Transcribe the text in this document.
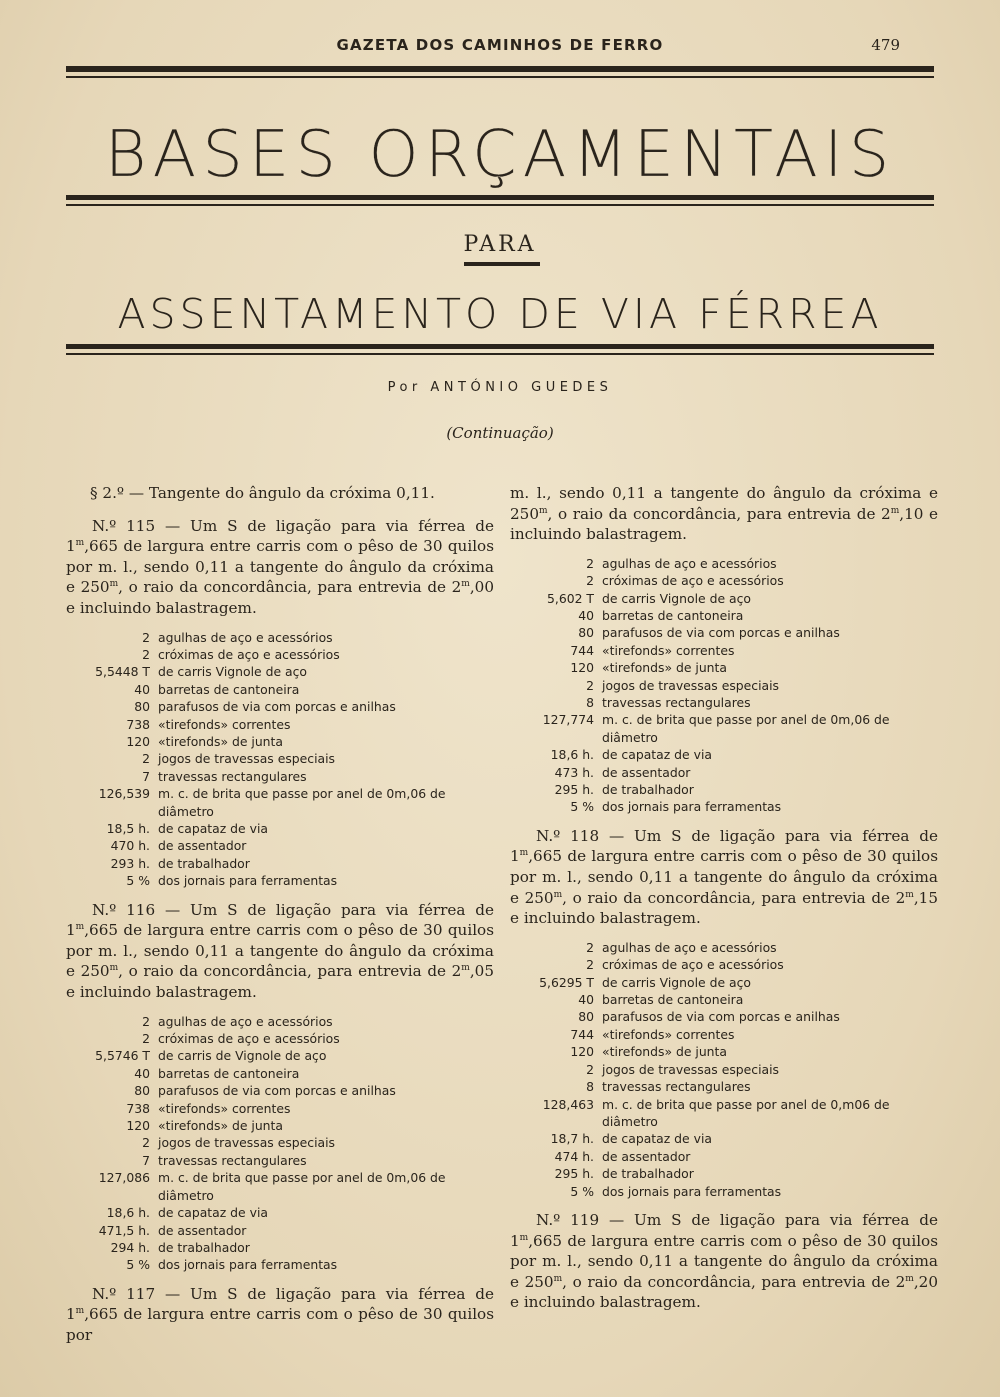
GAZETA DOS CAMINHOS DE FERRO	479
BASES ORÇAMENTAIS
PARA
ASSENTAMENTO DE VIA FÉRREA
Por ANTÓNIO GUEDES
(Continuação)
§ 2.º — Tangente do ângulo da cróxima 0,11.

N.º 115 — Um S de ligação para via férrea de 1$^m$,665 de largura entre carris com o pêso de 30 quilos por m. l., sendo 0,11 a tangente do ângulo da cróxima e 250$^m$, o raio da concordância, para entrevia de 2$^m$,00 e incluindo balastragem.

2 agulhas de aço e acessórios
2 cróximas de aço e acessórios
5,5448 T de carris Vignole de aço
40 barretas de cantoneira
80 parafusos de via com porcas e anilhas
738 «tirefonds» correntes
120 «tirefonds» de junta
2 jogos de travessas especiais
7 travessas rectangulares
126,539 m. c. de brita que passe por anel de 0m,06 de diâmetro
18,5 h. de capataz de via
470 h. de assentador
293 h. de trabalhador
5 % dos jornais para ferramentas

N.º 116 — Um S de ligação para via férrea de 1$^m$,665 de largura entre carris com o pêso de 30 quilos por m. l., sendo 0,11 a tangente do ângulo da cróxima e 250$^m$, o raio da concordância, para entrevia de 2$^m$,05 e incluindo balastragem.

2 agulhas de aço e acessórios
2 cróximas de aço e acessórios
5,5746 T de carris de Vignole de aço
40 barretas de cantoneira
80 parafusos de via com porcas e anilhas
738 «tirefonds» correntes
120 «tirefonds» de junta
2 jogos de travessas especiais
7 travessas rectangulares
127,086 m. c. de brita que passe por anel de 0m,06 de diâmetro
18,6 h. de capataz de via
471,5 h. de assentador
294 h. de trabalhador
5 % dos jornais para ferramentas

N.º 117 — Um S de ligação para via férrea de 1$^m$,665 de largura entre carris com o pêso de 30 quilos por

m. l., sendo 0,11 a tangente do ângulo da cróxima e 250$^m$, o raio da concordância, para entrevia de 2$^m$,10 e incluindo balastragem.

2 agulhas de aço e acessórios
2 cróximas de aço e acessórios
5,602 T de carris Vignole de aço
40 barretas de cantoneira
80 parafusos de via com porcas e anilhas
744 «tirefonds» correntes
120 «tirefonds» de junta
2 jogos de travessas especiais
8 travessas rectangulares
127,774 m. c. de brita que passe por anel de 0m,06 de diâmetro
18,6 h. de capataz de via
473 h. de assentador
295 h. de trabalhador
5 % dos jornais para ferramentas

N.º 118 — Um S de ligação para via férrea de 1$^m$,665 de largura entre carris com o pêso de 30 quilos por m. l., sendo 0,11 a tangente do ângulo da cróxima e 250$^m$, o raio da concordância, para entrevia de 2$^m$,15 e incluindo balastragem.

2 agulhas de aço e acessórios
2 cróximas de aço e acessórios
5,6295 T de carris Vignole de aço
40 barretas de cantoneira
80 parafusos de via com porcas e anilhas
744 «tirefonds» correntes
120 «tirefonds» de junta
2 jogos de travessas especiais
8 travessas rectangulares
128,463 m. c. de brita que passe por anel de 0,m06 de diâmetro
18,7 h. de capataz de via
474 h. de assentador
295 h. de trabalhador
5 % dos jornais para ferramentas

N.º 119 — Um S de ligação para via férrea de 1$^m$,665 de largura entre carris com o pêso de 30 quilos por m. l., sendo 0,11 a tangente do ângulo da cróxima e 250$^m$, o raio da concordância, para entrevia de 2$^m$,20 e incluindo balastragem.
